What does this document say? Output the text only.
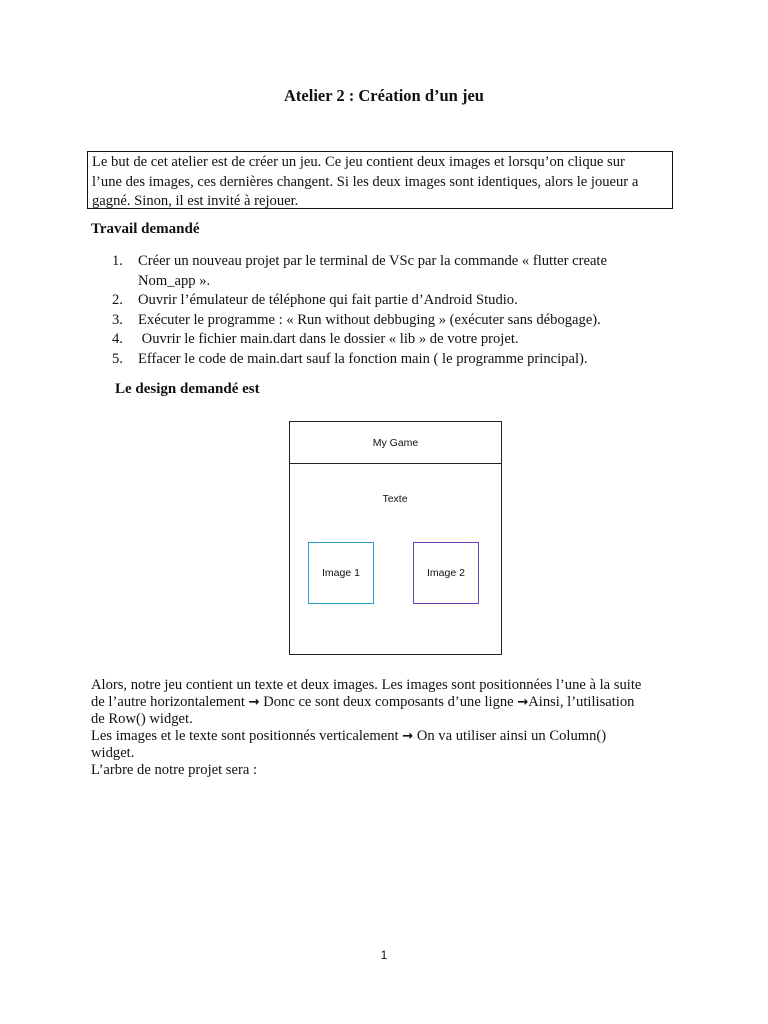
Atelier 2 : Création d’un jeu
Le but de cet atelier est de créer un jeu. Ce jeu contient deux images et lorsqu’on clique sur
l’une des images, ces dernières changent. Si les deux images sont identiques, alors le joueur a
gagné. Sinon, il est invité à rejouer.
Travail demandé
1.	Créer un nouveau projet par le terminal de VSc par la commande « flutter create
Nom_app ».
2.	Ouvrir l’émulateur de téléphone qui fait partie d’Android Studio.
3.	Exécuter le programme : « Run without debbuging » (exécuter sans débogage).
4.	Ouvrir le fichier main.dart dans le dossier « lib » de votre projet.
5.	Effacer le code de main.dart sauf la fonction main ( le programme principal).
Le design demandé est
My Game
Texte
Image 1	Image 2
Alors, notre jeu contient un texte et deux images. Les images sont positionnées l’une à la suite
de l’autre horizontalement → Donc ce sont deux composants d’une ligne →Ainsi, l’utilisation
de Row() widget.
Les images et le texte sont positionnés verticalement → On va utiliser ainsi un Column()
widget.
L’arbre de notre projet sera :
1
